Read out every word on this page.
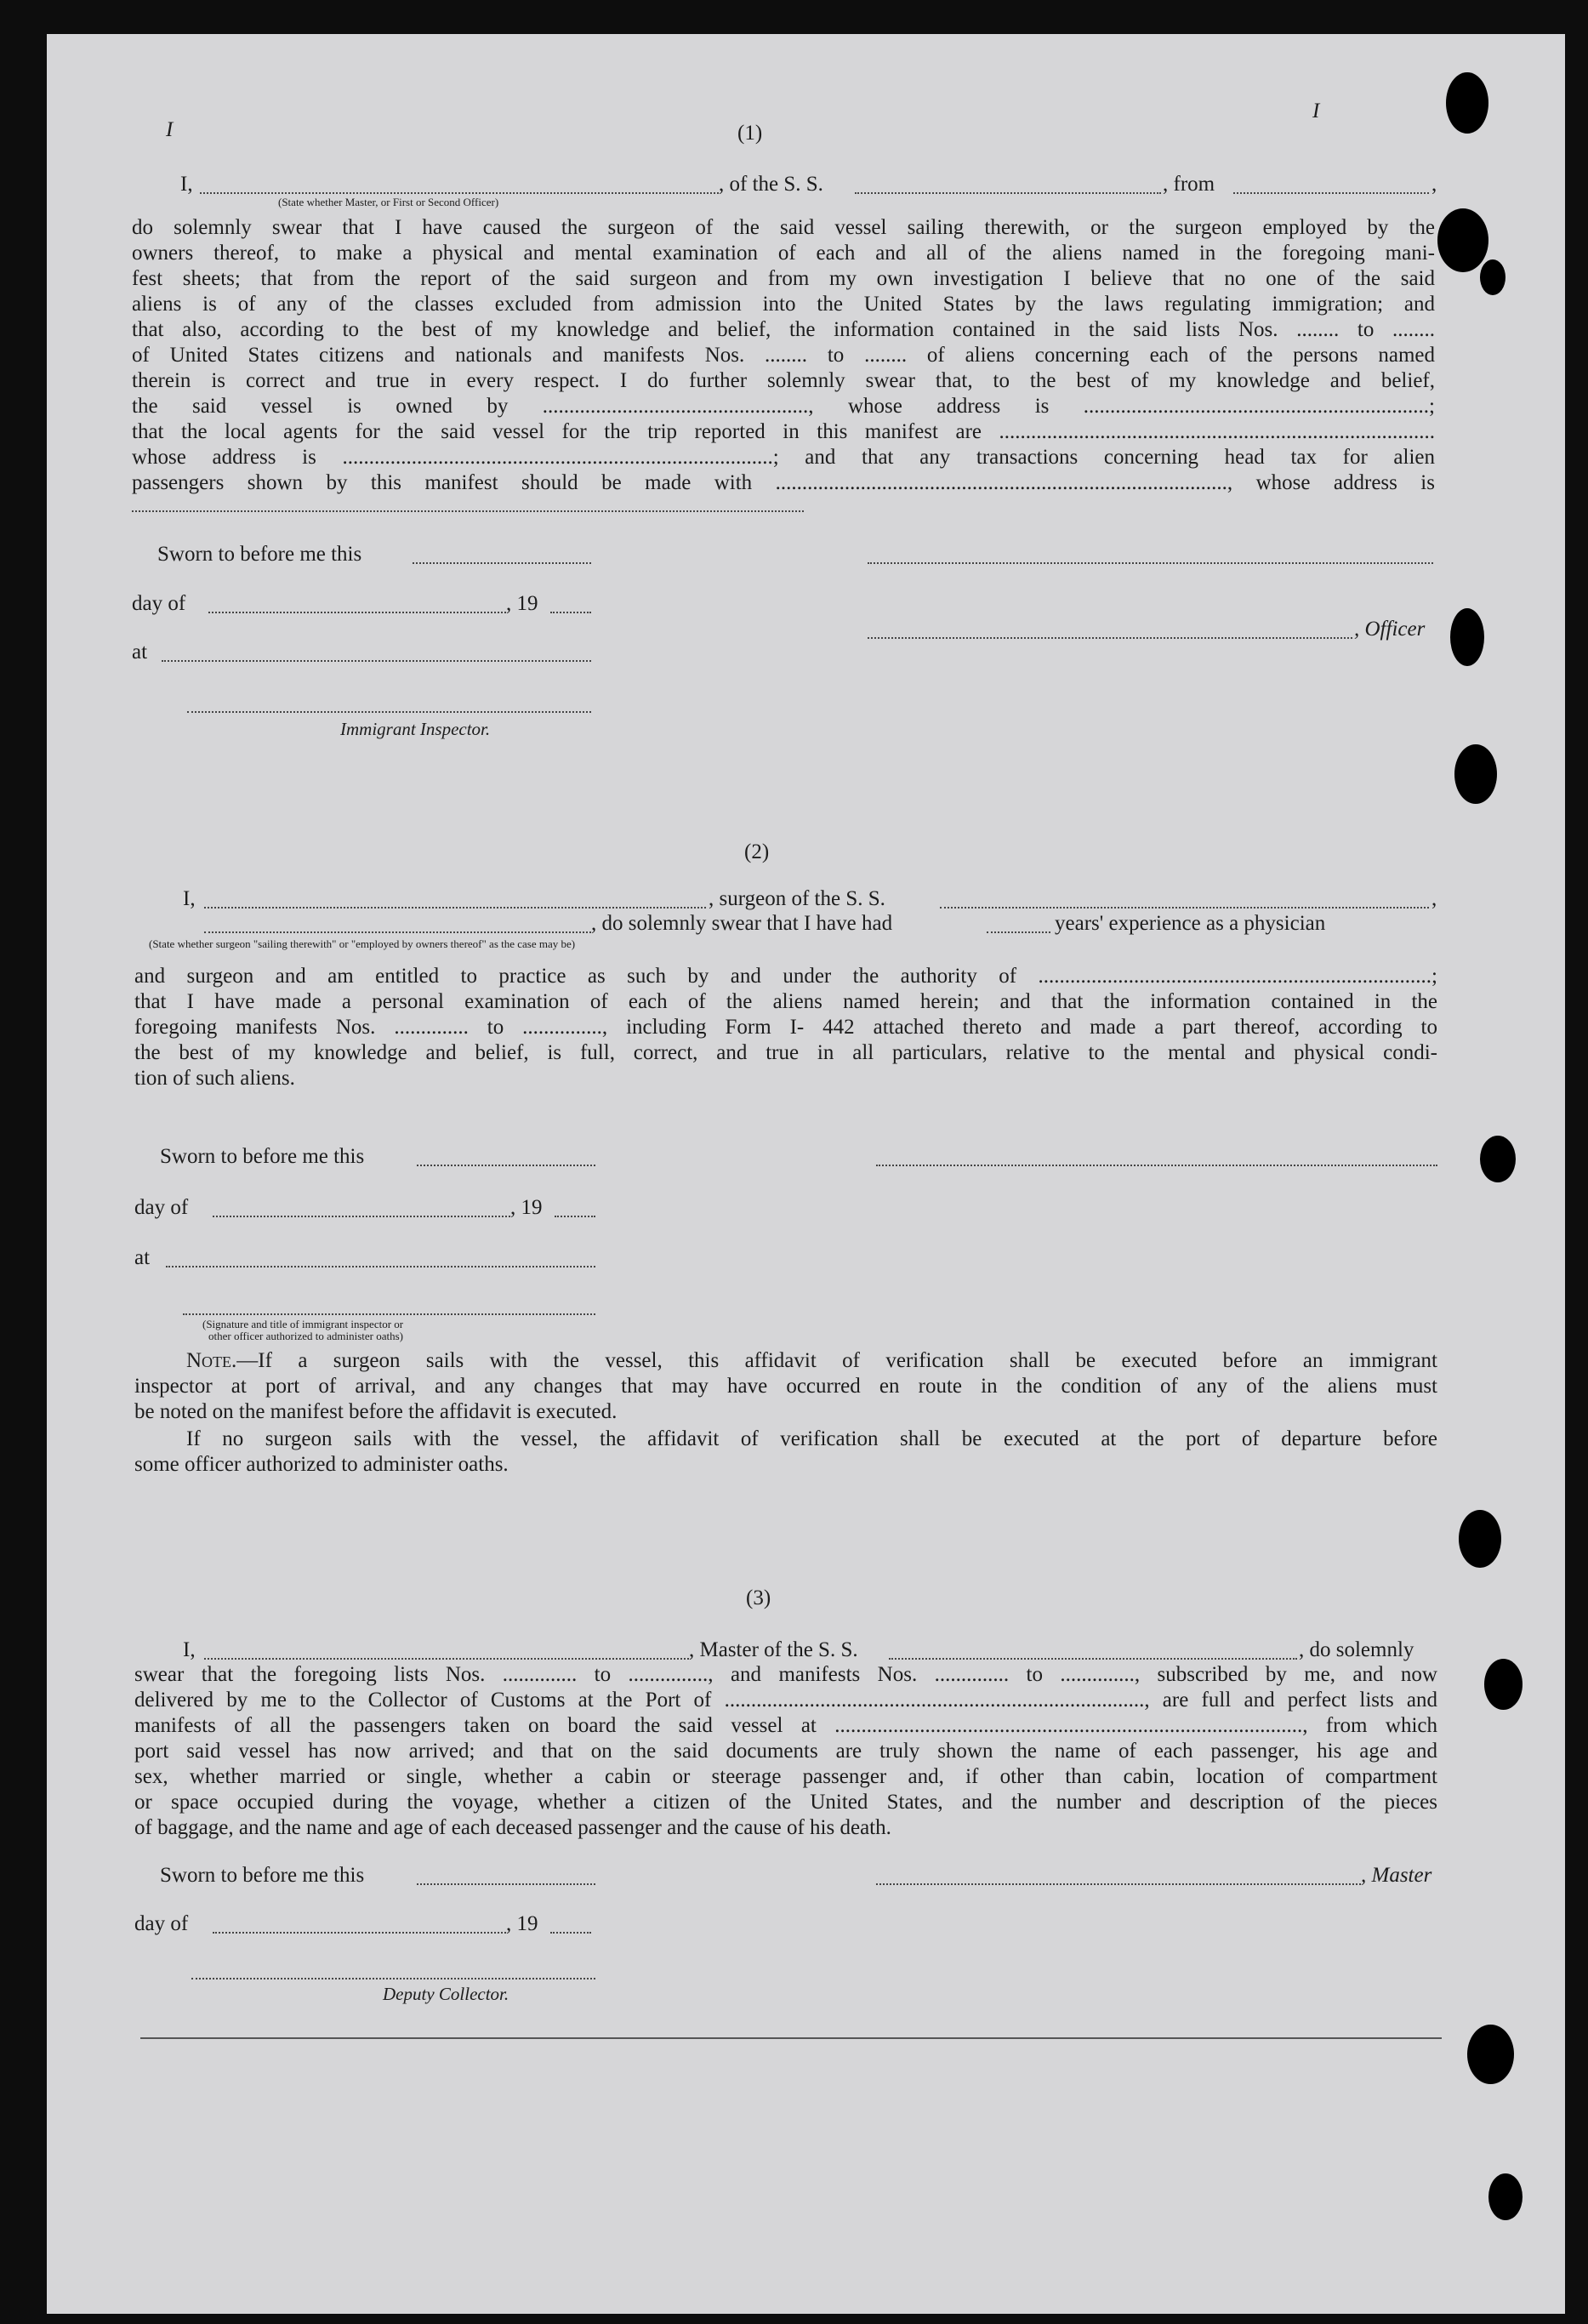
I
I
(1)
I,	, of the S. S.	, from	,
(State whether Master, or First or Second Officer)
do solemnly swear that I have caused the surgeon of the said vessel sailing therewith, or the surgeon employed by the
owners thereof, to make a physical and mental examination of each and all of the aliens named in the foregoing mani-
fest sheets; that from the report of the said surgeon and from my own investigation I believe that no one of the said
aliens is of any of the classes excluded from admission into the United States by the laws regulating immigration; and
that also, according to the best of my knowledge and belief, the information contained in the said lists Nos. ........ to ........
of United States citizens and nationals and manifests Nos. ........ to ........ of aliens concerning each of the persons named
therein is correct and true in every respect. I do further solemnly swear that, to the best of my knowledge and belief,
the said vessel is owned by .................................................., whose address is .................................................................;
that the local agents for the said vessel for the trip reported in this manifest are ..................................................................................
whose address is .................................................................................; and that any transactions concerning head tax for alien
passengers shown by this manifest should be made with ....................................................................................., whose address is
Sworn to before me this
day of	, 19
, Officer
at
Immigrant Inspector.
(2)
I,	, surgeon of the S. S.	,
, do solemnly swear that I have had	years' experience as a physician
(State whether surgeon "sailing therewith" or "employed by owners thereof" as the case may be)
and surgeon and am entitled to practice as such by and under the authority of ..........................................................................;
that I have made a personal examination of each of the aliens named herein; and that the information contained in the
foregoing manifests Nos. .............. to ..............., including Form I- 442 attached thereto and made a part thereof, according to
the best of my knowledge and belief, is full, correct, and true in all particulars, relative to the mental and physical condi-
tion of such aliens.
Sworn to before me this
day of	, 19
at
(Signature and title of immigrant inspector or
other officer authorized to administer oaths)
Note. —If a surgeon sails with the vessel, this affidavit of verification shall be executed before an immigrant
inspector at port of arrival, and any changes that may have occurred en route in the condition of any of the aliens must
be noted on the manifest before the affidavit is executed.
If no surgeon sails with the vessel, the affidavit of verification shall be executed at the port of departure before
some officer authorized to administer oaths.
(3)
I,	, Master of the S. S.	, do solemnly
swear that the foregoing lists Nos. .............. to ..............., and manifests Nos. .............. to .............., subscribed by me, and now
delivered by me to the Collector of Customs at the Port of ..............................................................................., are full and perfect lists and
manifests of all the passengers taken on board the said vessel at ........................................................................................, from which
port said vessel has now arrived; and that on the said documents are truly shown the name of each passenger, his age and
sex, whether married or single, whether a cabin or steerage passenger and, if other than cabin, location of compartment
or space occupied during the voyage, whether a citizen of the United States, and the number and description of the pieces
of baggage, and the name and age of each deceased passenger and the cause of his death.
Sworn to before me this	, Master
day of	, 19
Deputy Collector.
